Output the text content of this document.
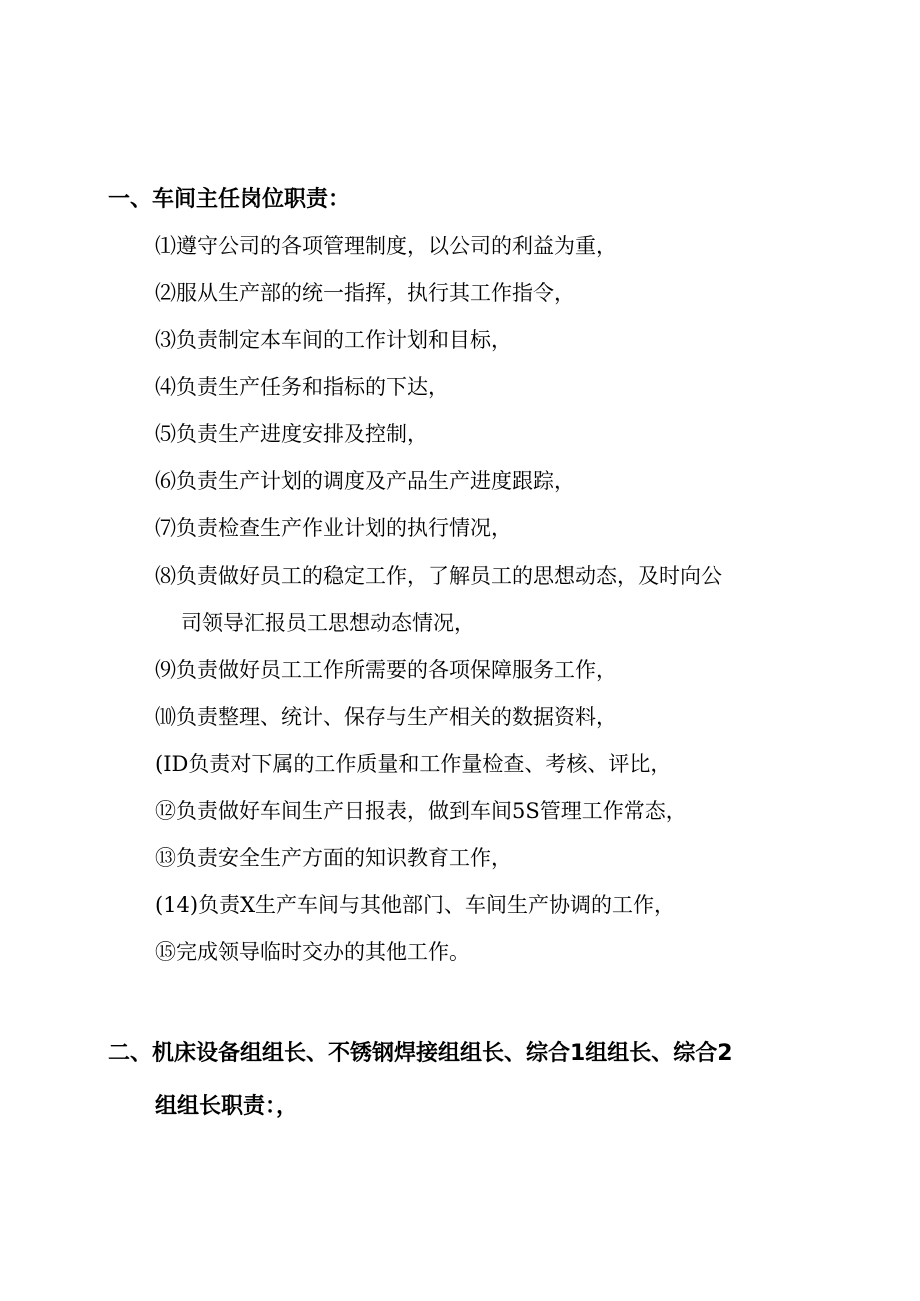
一、车间主任岗位职责：
⑴遵守公司的各项管理制度，以公司的利益为重，
⑵服从生产部的统一指挥，执行其工作指令，
⑶负责制定本车间的工作计划和目标，
⑷负责生产任务和指标的下达，
⑸负责生产进度安排及控制，
⑹负责生产计划的调度及产品生产进度跟踪，
⑺负责检查生产作业计划的执行情况，
⑻负责做好员工的稳定工作，了解员工的思想动态，及时向公
司领导汇报员工思想动态情况，
⑼负责做好员工工作所需要的各项保障服务工作，
⑽负责整理、统计、保存与生产相关的数据资料，
(ID负责对下属的工作质量和工作量检查、考核、评比，
⑫负责做好车间生产日报表，做到车间5S管理工作常态，
⑬负责安全生产方面的知识教育工作，
(14)负责X生产车间与其他部门、车间生产协调的工作，
⑮完成领导临时交办的其他工作。
二、机床设备组组长、不锈钢焊接组组长、综合1组组长、综合2
组组长职责：，
